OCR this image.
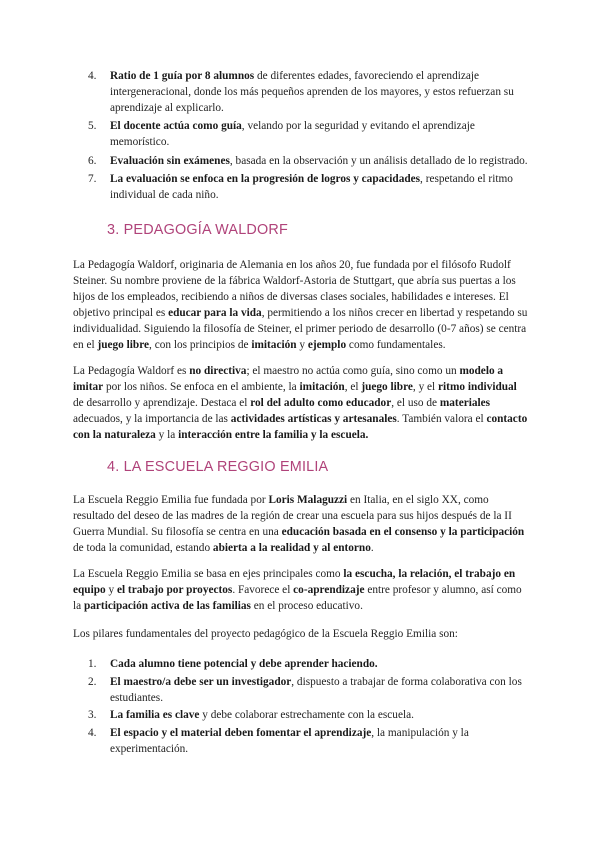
4. Ratio de 1 guía por 8 alumnos de diferentes edades, favoreciendo el aprendizaje intergeneracional, donde los más pequeños aprenden de los mayores, y estos refuerzan su aprendizaje al explicarlo.
5. El docente actúa como guía, velando por la seguridad y evitando el aprendizaje memorístico.
6. Evaluación sin exámenes, basada en la observación y un análisis detallado de lo registrado.
7. La evaluación se enfoca en la progresión de logros y capacidades, respetando el ritmo individual de cada niño.
3. PEDAGOGÍA WALDORF

La Pedagogía Waldorf, originaria de Alemania en los años 20, fue fundada por el filósofo Rudolf Steiner. Su nombre proviene de la fábrica Waldorf-Astoria de Stuttgart, que abría sus puertas a los hijos de los empleados, recibiendo a niños de diversas clases sociales, habilidades e intereses. El objetivo principal es educar para la vida, permitiendo a los niños crecer en libertad y respetando su individualidad. Siguiendo la filosofía de Steiner, el primer periodo de desarrollo (0-7 años) se centra en el juego libre, con los principios de imitación y ejemplo como fundamentales.

La Pedagogía Waldorf es no directiva; el maestro no actúa como guía, sino como un modelo a imitar por los niños. Se enfoca en el ambiente, la imitación, el juego libre, y el ritmo individual de desarrollo y aprendizaje. Destaca el rol del adulto como educador, el uso de materiales adecuados, y la importancia de las actividades artísticas y artesanales. También valora el contacto con la naturaleza y la interacción entre la familia y la escuela.

4. LA ESCUELA REGGIO EMILIA

La Escuela Reggio Emilia fue fundada por Loris Malaguzzi en Italia, en el siglo XX, como resultado del deseo de las madres de la región de crear una escuela para sus hijos después de la II Guerra Mundial. Su filosofía se centra en una educación basada en el consenso y la participación de toda la comunidad, estando abierta a la realidad y al entorno.

La Escuela Reggio Emilia se basa en ejes principales como la escucha, la relación, el trabajo en equipo y el trabajo por proyectos. Favorece el co-aprendizaje entre profesor y alumno, así como la participación activa de las familias en el proceso educativo.

Los pilares fundamentales del proyecto pedagógico de la Escuela Reggio Emilia son:

1. Cada alumno tiene potencial y debe aprender haciendo.
2. El maestro/a debe ser un investigador, dispuesto a trabajar de forma colaborativa con los estudiantes.
3. La familia es clave y debe colaborar estrechamente con la escuela.
4. El espacio y el material deben fomentar el aprendizaje, la manipulación y la experimentación.
